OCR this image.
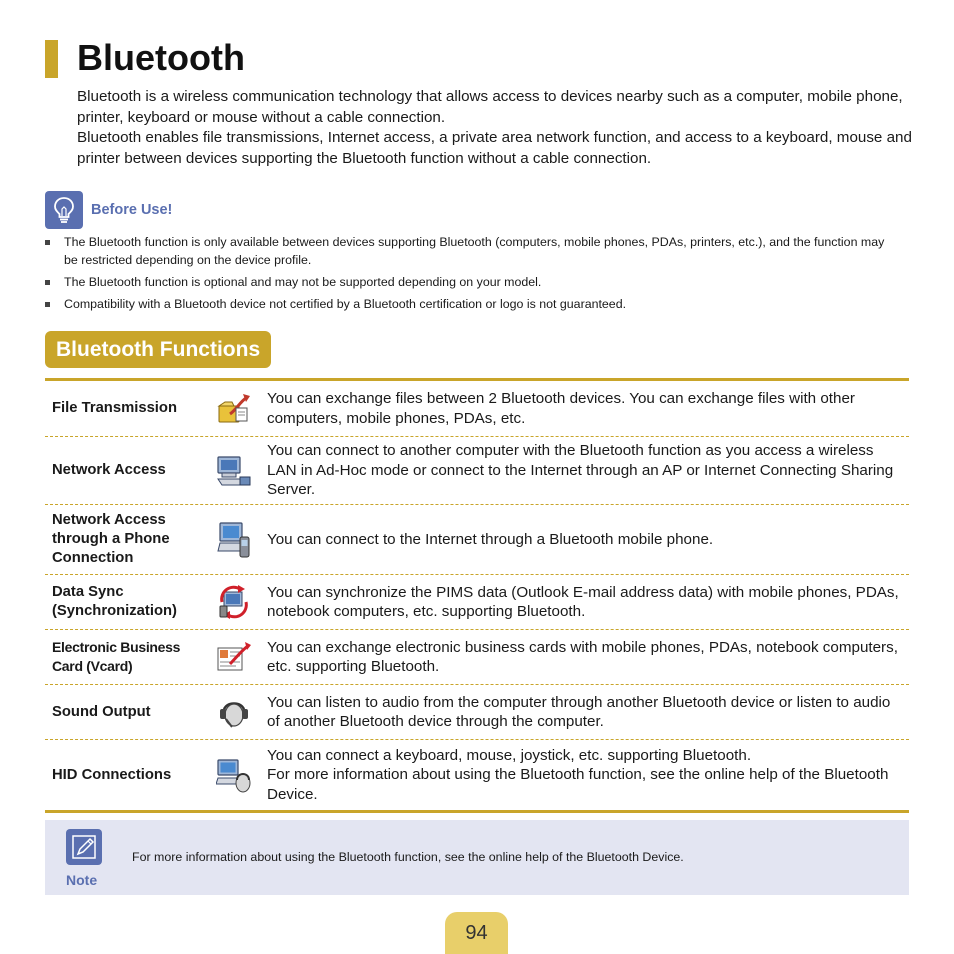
Bluetooth

Bluetooth is a wireless communication technology that allows access to devices nearby such as a computer, mobile phone, printer, keyboard or mouse without a cable connection.

Bluetooth enables file transmissions, Internet access, a private area network function, and access to a keyboard, mouse and printer between devices supporting the Bluetooth function without a cable connection.

Before Use!
The Bluetooth function is only available between devices supporting Bluetooth (computers, mobile phones, PDAs, printers, etc.), and the function may be restricted depending on the device profile.
The Bluetooth function is optional and may not be supported depending on your model.
Compatibility with a Bluetooth device not certified by a Bluetooth certification or logo is not guaranteed.
Bluetooth Functions
File Transmission

You can exchange files between 2 Bluetooth devices. You can exchange files with other computers, mobile phones, PDAs, etc.

Network Access

You can connect to another computer with the Bluetooth function as you access a wireless LAN in Ad-Hoc mode or connect to the Internet through an AP or Internet Connecting Sharing Server.

Network Access through a Phone Connection

You can connect to the Internet through a Bluetooth mobile phone.

Data Sync (Synchronization)

You can synchronize the PIMS data (Outlook E-mail address data) with mobile phones, PDAs, notebook computers, etc. supporting Bluetooth.

Electronic Business Card (Vcard)

You can exchange electronic business cards with mobile phones, PDAs, notebook computers, etc. supporting Bluetooth.

Sound Output

You can listen to audio from the computer through another Bluetooth device or listen to audio of another Bluetooth device through the computer.

HID Connections

You can connect a keyboard, mouse, joystick, etc. supporting Bluetooth.

For more information about using the Bluetooth function, see the online help of the Bluetooth Device.

Note
For more information about using the Bluetooth function, see the online help of the Bluetooth Device.
94
